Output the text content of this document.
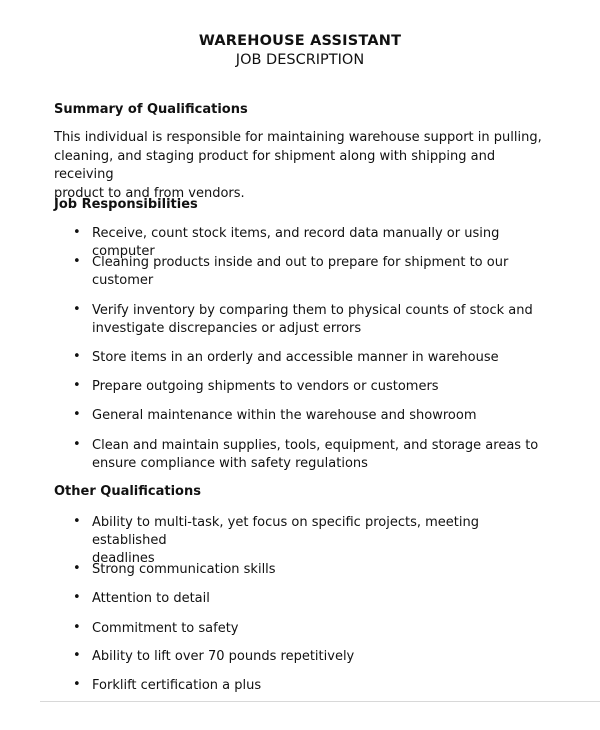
WAREHOUSE ASSISTANT
JOB DESCRIPTION
Summary of Qualifications
This individual is responsible for maintaining warehouse support in pulling,
cleaning, and staging product for shipment along with shipping and receiving
product to and from vendors.
Job Responsibilities
• Receive, count stock items, and record data manually or using computer
• Cleaning products inside and out to prepare for shipment to our
customer
• Verify inventory by comparing them to physical counts of stock and
investigate discrepancies or adjust errors
• Store items in an orderly and accessible manner in warehouse
• Prepare outgoing shipments to vendors or customers
• General maintenance within the warehouse and showroom
• Clean and maintain supplies, tools, equipment, and storage areas to
ensure compliance with safety regulations
Other Qualifications
• Ability to multi-task, yet focus on specific projects, meeting established
deadlines
• Strong communication skills
• Attention to detail
• Commitment to safety
• Ability to lift over 70 pounds repetitively
• Forklift certification a plus
